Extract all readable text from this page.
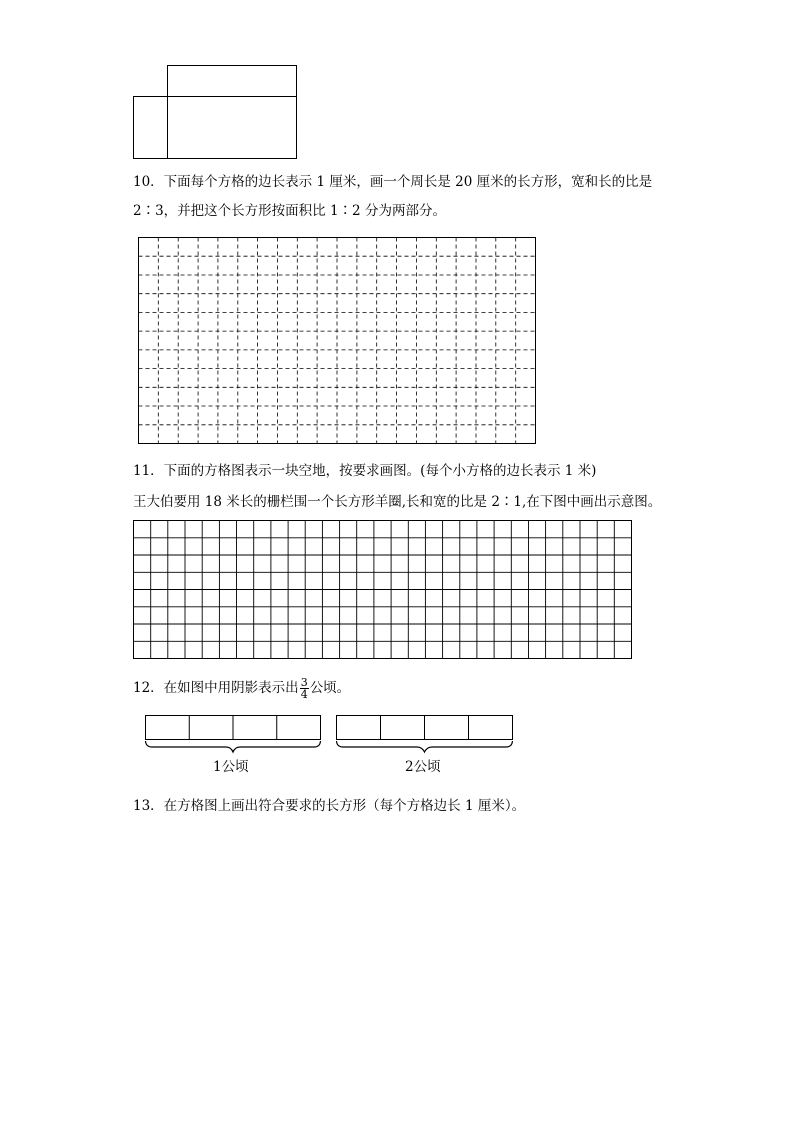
10．下面每个方格的边长表示 1 厘米，画一个周长是 20 厘米的长方形，宽和长的比是
2∶3，并把这个长方形按面积比 1∶2 分为两部分。
11．下面的方格图表示一块空地，按要求画图。(每个小方格的边长表示 1 米)
王大伯要用 18 米长的栅栏围一个长方形羊圈,长和宽的比是 2∶1,在下图中画出示意图。
12．在如图中用阴影表示出 $\frac{3}{4}$ 公顷。
1公顷	2公顷
13．在方格图上画出符合要求的长方形（每个方格边长 1 厘米）。
